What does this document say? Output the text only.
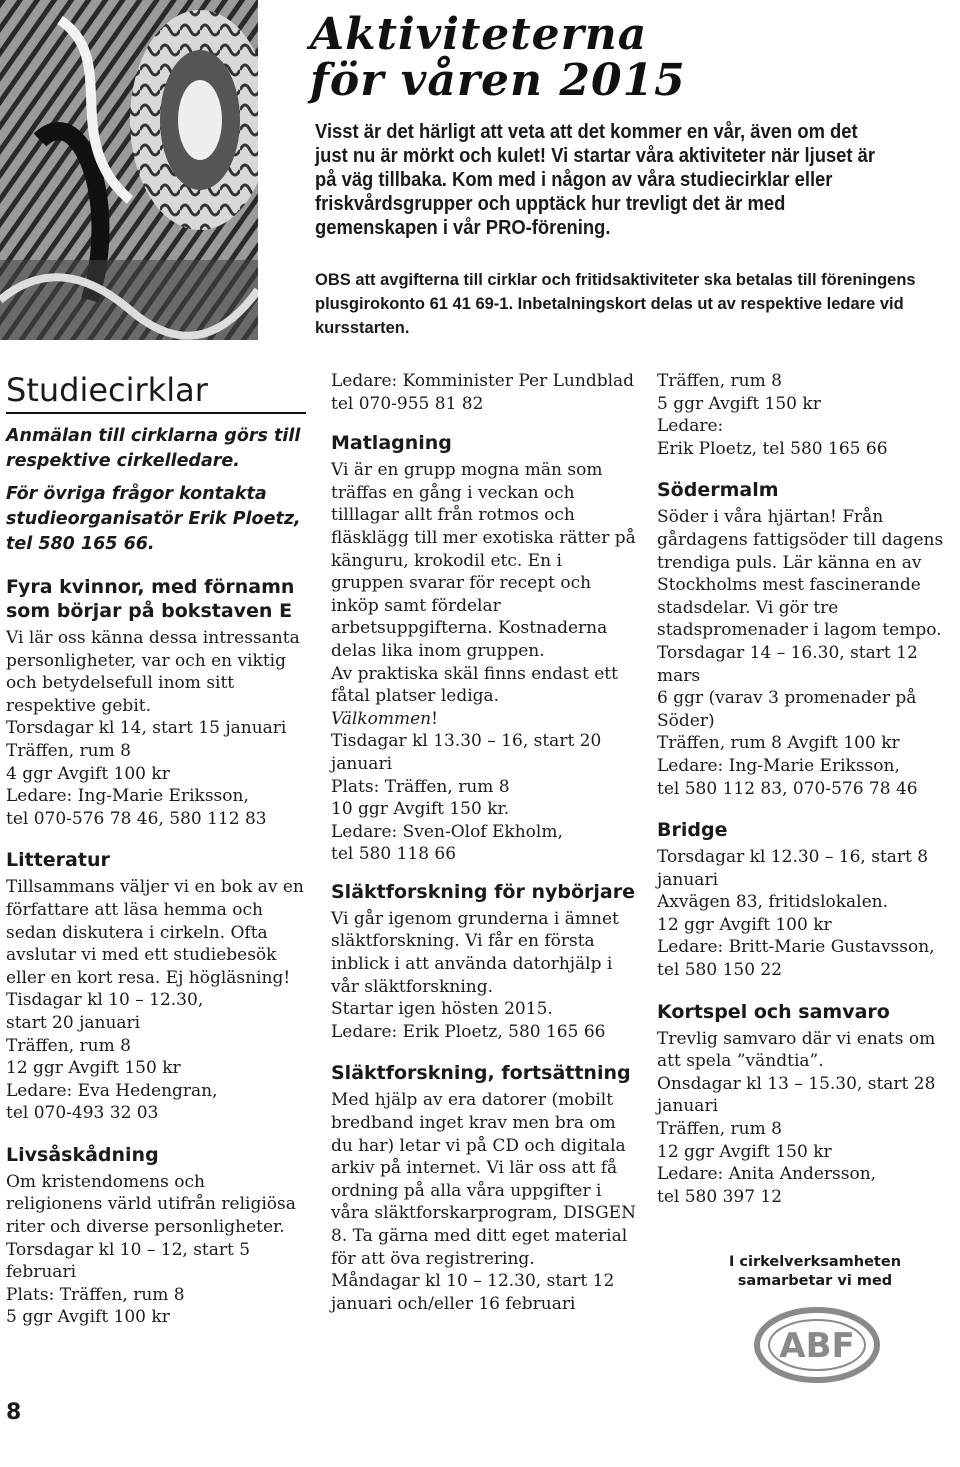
Aktiviteterna
för våren 2015

Visst är det härligt att veta att det kommer en vår, även om det just nu är mörkt och kulet! Vi startar våra aktiviteter när ljuset är på väg tillbaka. Kom med i någon av våra studiecirklar eller friskvårdsgrupper och upptäck hur trevligt det är med gemenskapen i vår PRO-förening.

OBS att avgifterna till cirklar och fritidsaktiviteter ska betalas till föreningens plusgirokonto 61 41 69-1. Inbetalningskort delas ut av respektive ledare vid kursstarten.

Studiecirklar

Anmälan till cirklarna görs till respektive cirkelledare.

För övriga frågor kontakta studieorganisatör Erik Ploetz, tel 580 165 66.

Fyra kvinnor, med förnamn som börjar på bokstaven E

Vi lär oss känna dessa intressanta personligheter, var och en viktig och betydelsefull inom sitt respektive gebit.
Torsdagar kl 14, start 15 januari
Träffen, rum 8
4 ggr Avgift 100 kr
Ledare: Ing-Marie Eriksson,
tel 070-576 78 46, 580 112 83

Litteratur

Tillsammans väljer vi en bok av en författare att läsa hemma och sedan diskutera i cirkeln. Ofta avslutar vi med ett studiebesök eller en kort resa. Ej högläsning!
Tisdagar kl 10 – 12.30,
start 20 januari
Träffen, rum 8
12 ggr Avgift 150 kr
Ledare: Eva Hedengran,
tel 070-493 32 03

Livsåskådning

Om kristendomens och religionens värld utifrån religiösa riter och diverse personligheter.
Torsdagar kl 10 – 12, start 5 februari
Plats: Träffen, rum 8
5 ggr Avgift 100 kr

Ledare: Komminister Per Lundblad tel 070-955 81 82

Matlagning

Vi är en grupp mogna män som träffas en gång i veckan och tilllagar allt från rotmos och fläsklägg till mer exotiska rätter på känguru, krokodil etc. En i gruppen svarar för recept och inköp samt fördelar arbetsuppgifterna. Kostnaderna delas lika inom gruppen.
Av praktiska skäl finns endast ett fåtal platser lediga.
Välkommen!
Tisdagar kl 13.30 – 16, start 20 januari
Plats: Träffen, rum 8
10 ggr Avgift 150 kr.
Ledare: Sven-Olof Ekholm,
tel 580 118 66

Släktforskning för nybörjare

Vi går igenom grunderna i ämnet släktforskning. Vi får en första inblick i att använda datorhjälp i vår släktforskning.
Startar igen hösten 2015.
Ledare: Erik Ploetz, 580 165 66

Släktforskning, fortsättning

Med hjälp av era datorer (mobilt bredband inget krav men bra om du har) letar vi på CD och digitala arkiv på internet. Vi lär oss att få ordning på alla våra uppgifter i våra släktforskarprogram, DISGEN 8. Ta gärna med ditt eget material för att öva registrering.
Måndagar kl 10 – 12.30, start 12 januari och/eller 16 februari

Träffen, rum 8
5 ggr Avgift 150 kr
Ledare:
Erik Ploetz, tel 580 165 66

Södermalm

Söder i våra hjärtan! Från gårdagens fattigsöder till dagens trendiga puls. Lär känna en av Stockholms mest fascinerande stadsdelar. Vi gör tre stadspromenader i lagom tempo.
Torsdagar 14 – 16.30, start 12 mars
6 ggr (varav 3 promenader på Söder)
Träffen, rum 8 Avgift 100 kr
Ledare: Ing-Marie Eriksson,
tel 580 112 83, 070-576 78 46

Bridge

Torsdagar kl 12.30 – 16, start 8 januari
Axvägen 83, fritidslokalen.
12 ggr Avgift 100 kr
Ledare: Britt-Marie Gustavsson,
tel 580 150 22

Kortspel och samvaro

Trevlig samvaro där vi enats om att spela ”vändtia”.
Onsdagar kl 13 – 15.30, start 28 januari
Träffen, rum 8
12 ggr Avgift 150 kr
Ledare: Anita Andersson,
tel 580 397 12

I cirkelverksamheten samarbetar vi med

ABF
8
